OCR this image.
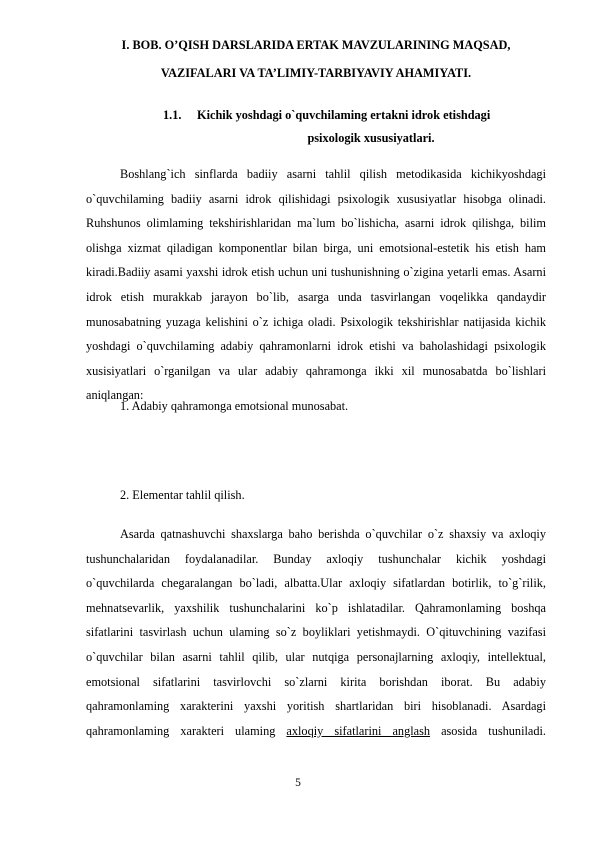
I. BOB. O’QISH DARSLARIDA ERTAK MAVZULARINING MAQSAD,
VAZIFALARI VA TA’LIMIY-TARBIYAVIY AHAMIYATI.
1.1. Kichik yoshdagi o`quvchilaming ertakni idrok etishdagi
psixologik xususiyatlari.

Boshlang`ich sinflarda badiiy asarni tahlil qilish metodikasida kichikyoshdagi o`quvchilaming badiiy asarni idrok qilishidagi psixologik xususiyatlar hisobga olinadi. Ruhshunos olimlaming tekshirishlaridan ma`lum bo`lishicha, asarni idrok qilishga, bilim olishga xizmat qiladigan komponentlar bilan birga, uni emotsional-estetik his etish ham kiradi.Badiiy asami yaxshi idrok etish uchun uni tushunishning o`zigina yetarli emas. Asarni idrok etish murakkab jarayon bo`lib, asarga unda tasvirlangan voqelikka qandaydir munosabatning yuzaga kelishini o`z ichiga oladi. Psixologik tekshirishlar natijasida kichik yoshdagi o`quvchilaming adabiy qahramonlarni idrok etishi va baholashidagi psixologik xusisiyatlari o`rganilgan va ular adabiy qahramonga ikki xil munosabatda bo`lishlari aniqlangan:

1. Adabiy qahramonga emotsional munosabat.
2. Elementar tahlil qilish.

Asarda qatnashuvchi shaxslarga baho berishda o`quvchilar o`z shaxsiy va axloqiy tushunchalaridan foydalanadilar. Bunday axloqiy tushunchalar kichik yoshdagi o`quvchilarda chegaralangan bo`ladi, albatta.Ular axloqiy sifatlardan botirlik, to`g`rilik, mehnatsevarlik, yaxshilik tushunchalarini ko`p ishlatadilar. Qahramonlaming boshqa sifatlarini tasvirlash uchun ulaming so`z boyliklari yetishmaydi. O`qituvchining vazifasi o`quvchilar bilan asarni tahlil qilib, ular nutqiga personajlarning axloqiy, intellektual, emotsional sifatlarini tasvirlovchi so`zlarni kirita borishdan iborat. Bu adabiy qahramonlaming xarakterini yaxshi yoritish shartlaridan biri hisoblanadi. Asardagi qahramonlaming xarakteri ulaming axloqiy sifatlarini anglash asosida tushuniladi.

5
